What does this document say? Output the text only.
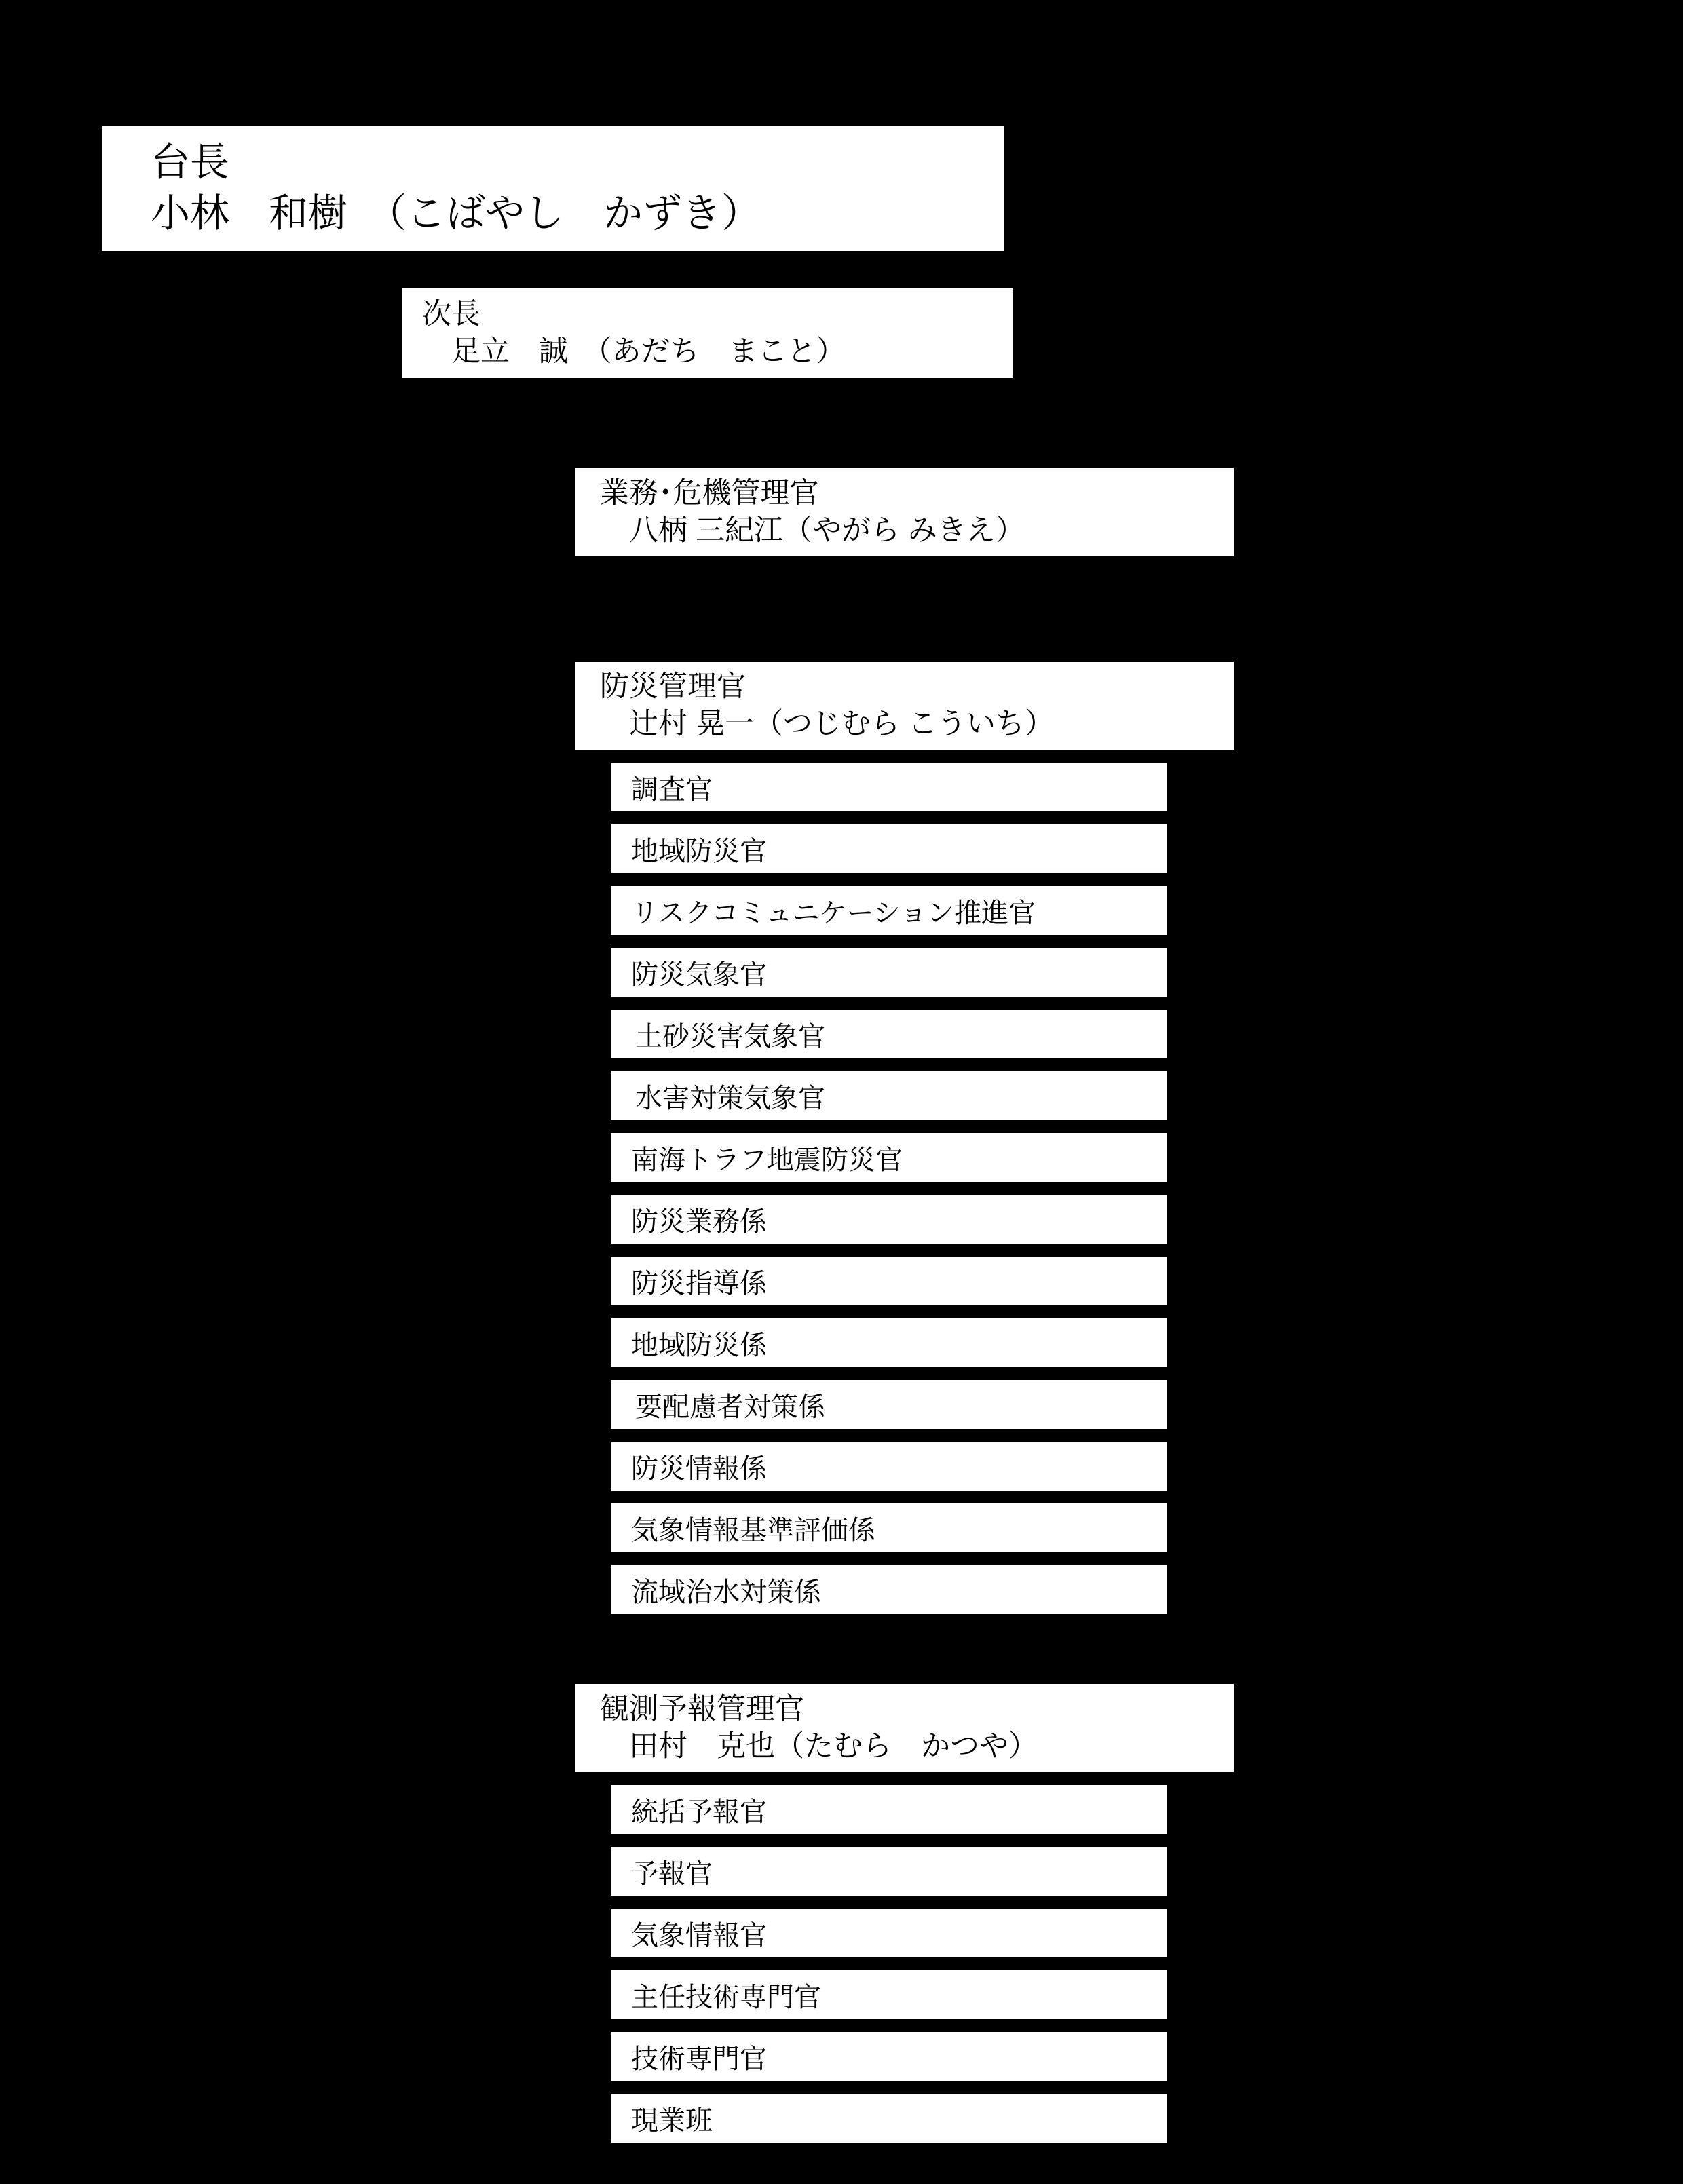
台長
小林　和樹　（こばやし　かずき）
次長
　足立　誠　（あだち　まこと）
業務･危機管理官
　八柄 三紀江（やがら みきえ）
防災管理官
　辻村 晃一（つじむら こういち）
調査官
地域防災官
リスクコミュニケーション推進官
防災気象官
土砂災害気象官
水害対策気象官
南海トラフ地震防災官
防災業務係
防災指導係
地域防災係
要配慮者対策係
防災情報係
気象情報基準評価係
流域治水対策係
観測予報管理官
　田村　克也（たむら　かつや）
統括予報官
予報官
気象情報官
主任技術専門官
技術専門官
現業班
